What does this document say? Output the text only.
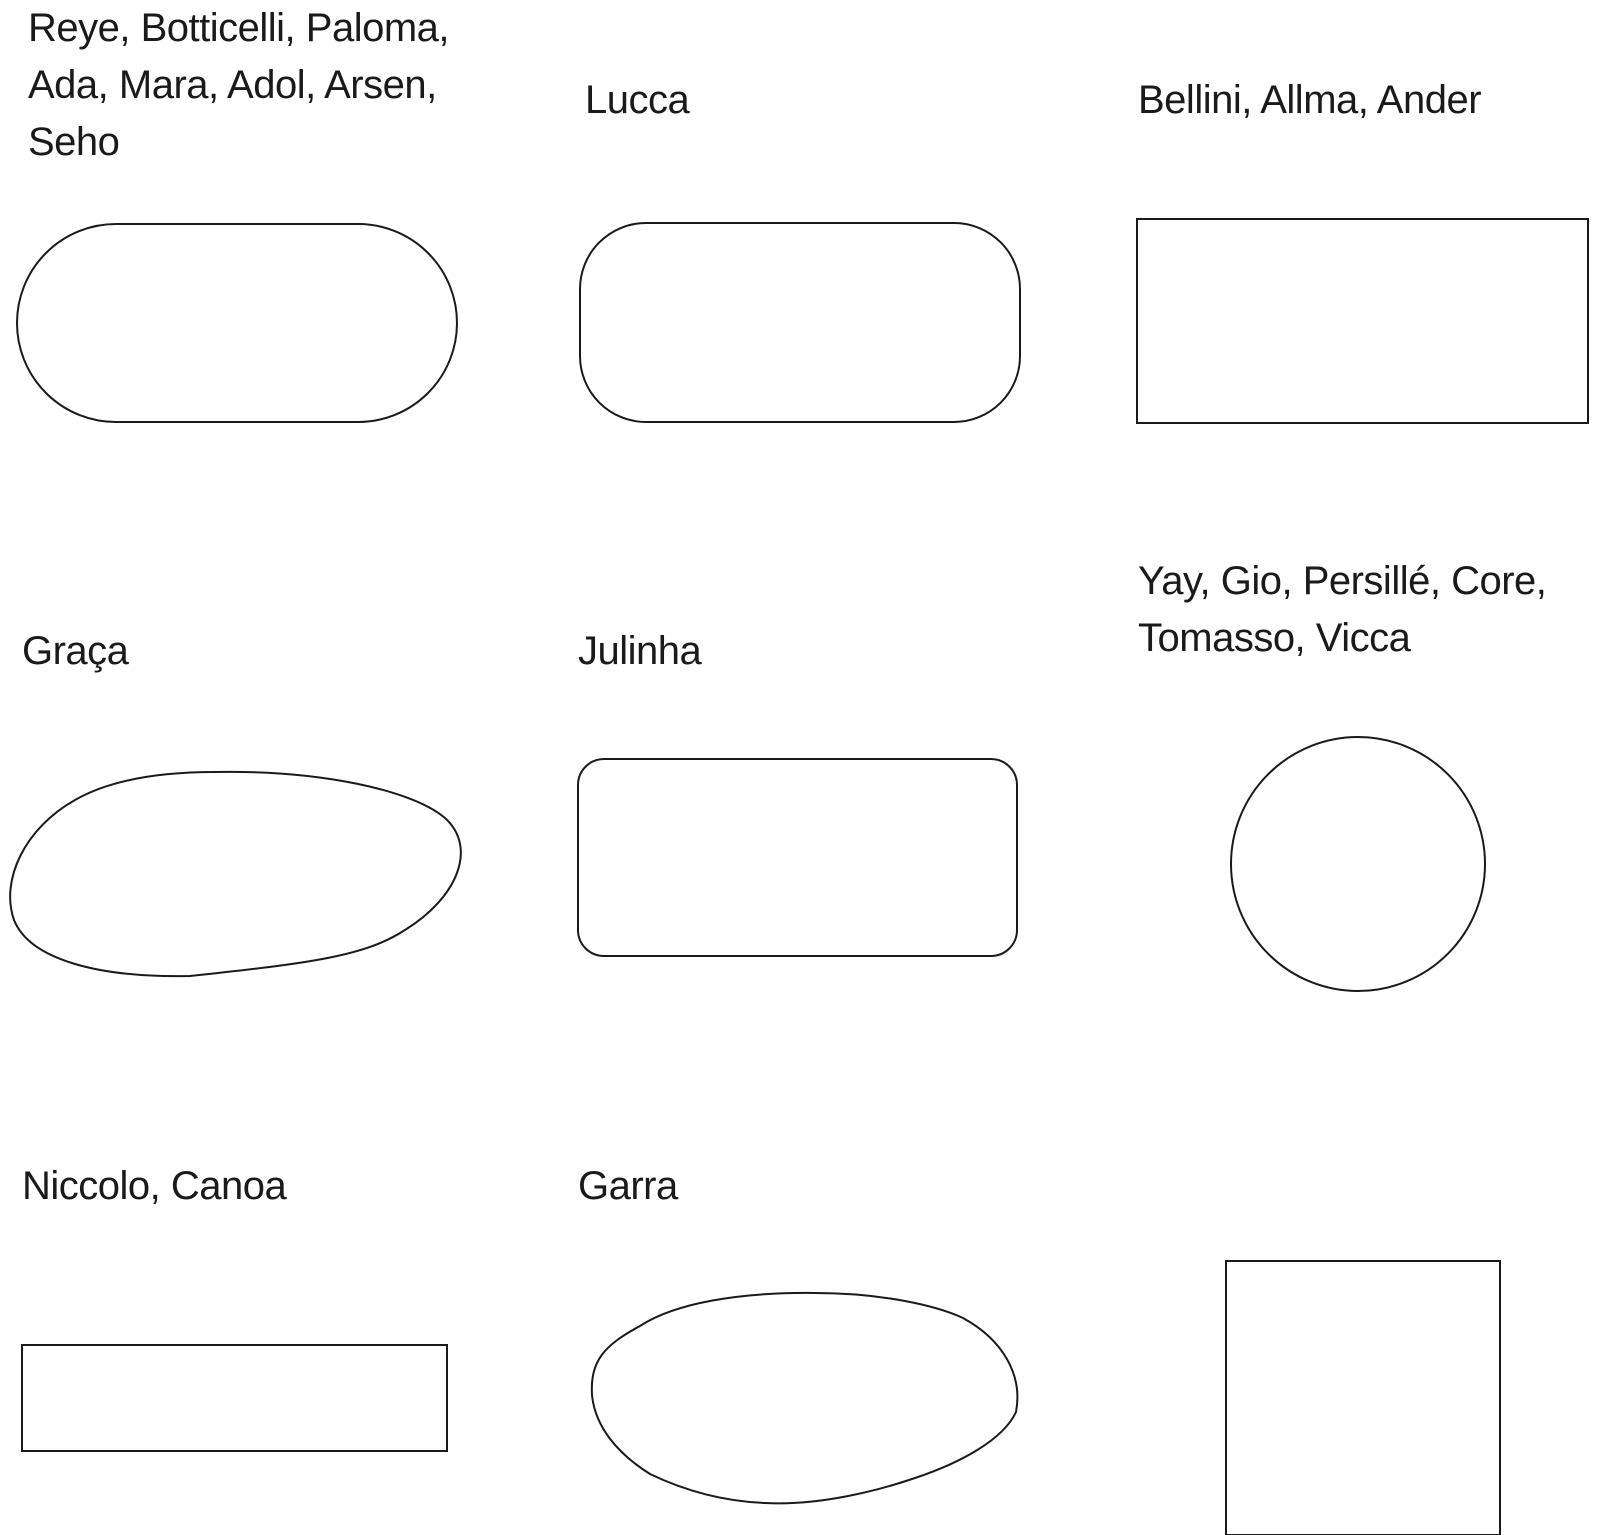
Reye, Botticelli, Paloma,
Ada, Mara, Adol, Arsen,
Seho

Lucca	Bellini, Allma, Ander

Graça	Julinha

Yay, Gio, Persillé, Core,
Tomasso, Vicca

Niccolo, Canoa	Garra
